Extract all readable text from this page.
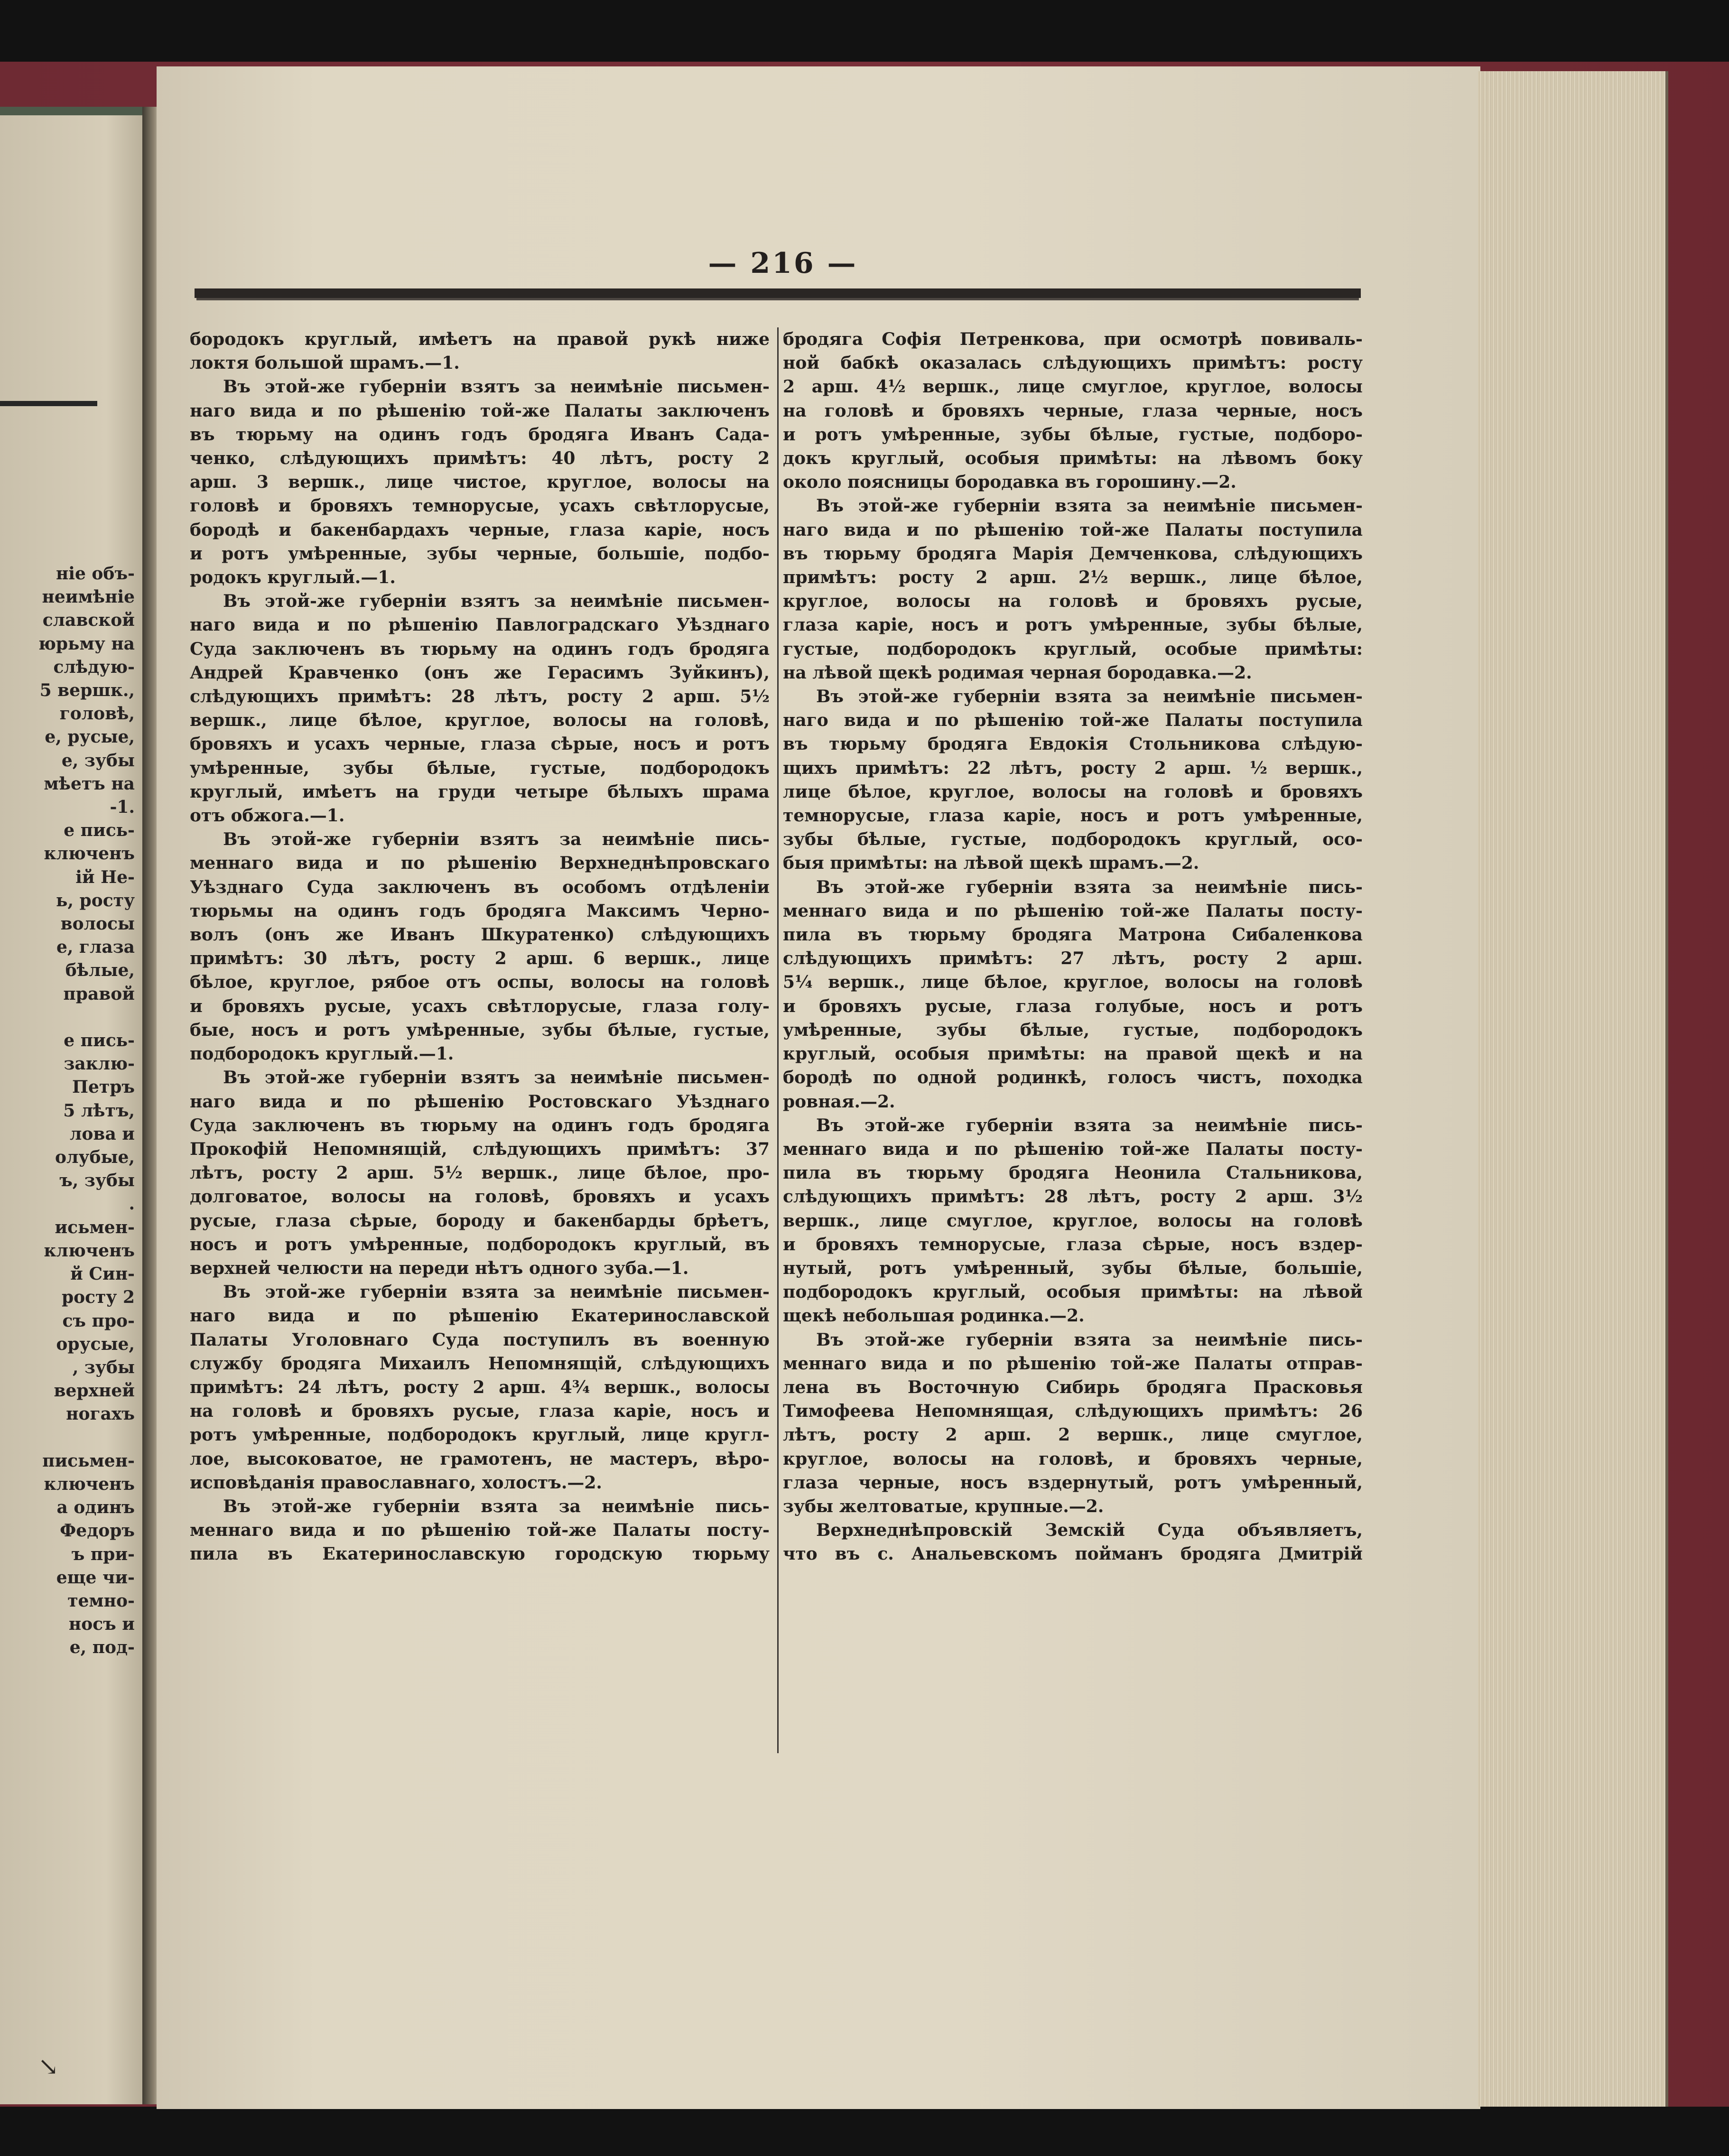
ніе объ-
неимѣніе
славской
юрьму на
слѣдую-
5 вершк.,
головѣ,
е, русые,
е, зубы
мѣетъ на
-1.
е пись-
ключенъ
ій Не-
ь, росту
волосы
е, глаза
бѣлые,
правой

е пись-
заклю-
Петръ
5 лѣтъ,
лова и
олубые,
ъ, зубы
.
исьмен-
ключенъ
й Син-
росту 2
съ про-
орусые,
, зубы
верхней
ногахъ

письмен-
ключенъ
а одинъ
Федоръ
ъ при-
еще чи-
темно-
носъ и
е, под-
— 216 —

бородокъ круглый, имѣетъ на правой рукѣ ниже

локтя большой шрамъ.—1.

Въ этой-же губерніи взятъ за неимѣніе письмен-

наго вида и по рѣшенію той-же Палаты заключенъ

въ тюрьму на одинъ годъ бродяга Иванъ Сада-

ченко, слѣдующихъ примѣтъ: 40 лѣтъ, росту 2

арш. 3 вершк., лице чистое, круглое, волосы на

головѣ и бровяхъ темнорусые, усахъ свѣтлорусые,

бородѣ и бакенбардахъ черные, глаза каріе, носъ

и ротъ умѣренные, зубы черные, большіе, подбо-

родокъ круглый.—1.

Въ этой-же губерніи взятъ за неимѣніе письмен-

наго вида и по рѣшенію Павлоградскаго Уѣзднаго

Суда заключенъ въ тюрьму на одинъ годъ бродяга

Андрей Кравченко (онъ же Герасимъ Зуйкинъ),

слѣдующихъ примѣтъ: 28 лѣтъ, росту 2 арш. 5½

вершк., лице бѣлое, круглое, волосы на головѣ,

бровяхъ и усахъ черные, глаза сѣрые, носъ и ротъ

умѣренные, зубы бѣлые, густые, подбородокъ

круглый, имѣетъ на груди четыре бѣлыхъ шрама

отъ обжога.—1.

Въ этой-же губерніи взятъ за неимѣніе пись-

меннаго вида и по рѣшенію Верхнеднѣпровскаго

Уѣзднаго Суда заключенъ въ особомъ отдѣленіи

тюрьмы на одинъ годъ бродяга Максимъ Черно-

волъ (онъ же Иванъ Шкуратенко) слѣдующихъ

примѣтъ: 30 лѣтъ, росту 2 арш. 6 вершк., лице

бѣлое, круглое, рябое отъ оспы, волосы на головѣ

и бровяхъ русые, усахъ свѣтлорусые, глаза голу-

бые, носъ и ротъ умѣренные, зубы бѣлые, густые,

подбородокъ круглый.—1.

Въ этой-же губерніи взятъ за неимѣніе письмен-

наго вида и по рѣшенію Ростовскаго Уѣзднаго

Суда заключенъ въ тюрьму на одинъ годъ бродяга

Прокофій Непомнящій, слѣдующихъ примѣтъ: 37

лѣтъ, росту 2 арш. 5½ вершк., лице бѣлое, про-

долговатое, волосы на головѣ, бровяхъ и усахъ

русые, глаза сѣрые, бороду и бакенбарды брѣетъ,

носъ и ротъ умѣренные, подбородокъ круглый, въ

верхней челюсти на переди нѣтъ одного зуба.—1.

Въ этой-же губерніи взята за неимѣніе письмен-

наго вида и по рѣшенію Екатеринославской

Палаты Уголовнаго Суда поступилъ въ военную

службу бродяга Михаилъ Непомнящій, слѣдующихъ

примѣтъ: 24 лѣтъ, росту 2 арш. 4¾ вершк., волосы

на головѣ и бровяхъ русые, глаза каріе, носъ и

ротъ умѣренные, подбородокъ круглый, лице кругл-

лое, высоковатое, не грамотенъ, не мастеръ, вѣро-

исповѣданія православнаго, холостъ.—2.

Въ этой-же губерніи взята за неимѣніе пись-

меннаго вида и по рѣшенію той-же Палаты посту-

пила въ Екатеринославскую городскую тюрьму

бродяга Софія Петренкова, при осмотрѣ повиваль-

ной бабкѣ оказалась слѣдующихъ примѣтъ: росту

2 арш. 4½ вершк., лице смуглое, круглое, волосы

на головѣ и бровяхъ черные, глаза черные, носъ

и ротъ умѣренные, зубы бѣлые, густые, подборо-

докъ круглый, особыя примѣты: на лѣвомъ боку

около поясницы бородавка въ горошину.—2.

Въ этой-же губерніи взята за неимѣніе письмен-

наго вида и по рѣшенію той-же Палаты поступила

въ тюрьму бродяга Марія Демченкова, слѣдующихъ

примѣтъ: росту 2 арш. 2½ вершк., лице бѣлое,

круглое, волосы на головѣ и бровяхъ русые,

глаза каріе, носъ и ротъ умѣренные, зубы бѣлые,

густые, подбородокъ круглый, особые примѣты:

на лѣвой щекѣ родимая черная бородавка.—2.

Въ этой-же губерніи взята за неимѣніе письмен-

наго вида и по рѣшенію той-же Палаты поступила

въ тюрьму бродяга Евдокія Стольникова слѣдую-

щихъ примѣтъ: 22 лѣтъ, росту 2 арш. ½ вершк.,

лице бѣлое, круглое, волосы на головѣ и бровяхъ

темнорусые, глаза каріе, носъ и ротъ умѣренные,

зубы бѣлые, густые, подбородокъ круглый, осо-

быя примѣты: на лѣвой щекѣ шрамъ.—2.

Въ этой-же губерніи взята за неимѣніе пись-

меннаго вида и по рѣшенію той-же Палаты посту-

пила въ тюрьму бродяга Матрона Сибаленкова

слѣдующихъ примѣтъ: 27 лѣтъ, росту 2 арш.

5¼ вершк., лице бѣлое, круглое, волосы на головѣ

и бровяхъ русые, глаза голубые, носъ и ротъ

умѣренные, зубы бѣлые, густые, подбородокъ

круглый, особыя примѣты: на правой щекѣ и на

бородѣ по одной родинкѣ, голосъ чистъ, походка

ровная.—2.

Въ этой-же губерніи взята за неимѣніе пись-

меннаго вида и по рѣшенію той-же Палаты посту-

пила въ тюрьму бродяга Неонила Стальникова,

слѣдующихъ примѣтъ: 28 лѣтъ, росту 2 арш. 3½

вершк., лице смуглое, круглое, волосы на головѣ

и бровяхъ темнорусые, глаза сѣрые, носъ вздер-

нутый, ротъ умѣренный, зубы бѣлые, большіе,

подбородокъ круглый, особыя примѣты: на лѣвой

щекѣ небольшая родинка.—2.

Въ этой-же губерніи взята за неимѣніе пись-

меннаго вида и по рѣшенію той-же Палаты отправ-

лена въ Восточную Сибирь бродяга Прасковья

Тимофеева Непомнящая, слѣдующихъ примѣтъ: 26

лѣтъ, росту 2 арш. 2 вершк., лице смуглое,

круглое, волосы на головѣ, и бровяхъ черные,

глаза черные, носъ вздернутый, ротъ умѣренный,

зубы желтоватые, крупные.—2.

Верхнеднѣпровскій Земскій Суда объявляетъ,

что въ с. Анальевскомъ пойманъ бродяга Дмитрій

↘
